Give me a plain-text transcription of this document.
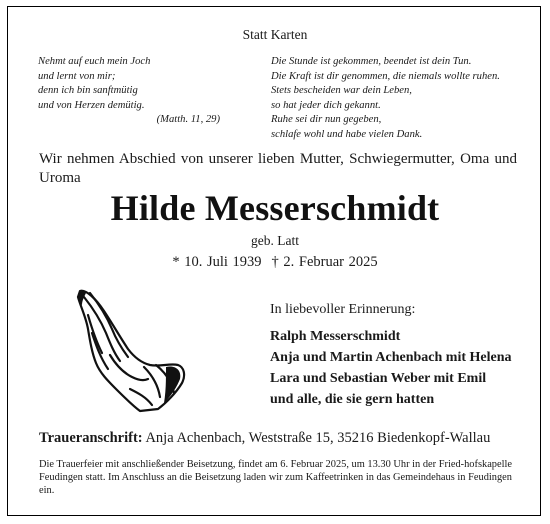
Statt Karten
Nehmt auf euch mein Joch
und lernt von mir;
denn ich bin sanftmütig
und von Herzen demütig.
(Matth. 11, 29)
Die Stunde ist gekommen, beendet ist dein Tun.
Die Kraft ist dir genommen, die niemals wollte ruhen.
Stets bescheiden war dein Leben,
so hat jeder dich gekannt.
Ruhe sei dir nun gegeben,
schlafe wohl und habe vielen Dank.
Wir nehmen Abschied von unserer lieben Mutter, Schwiegermutter, Oma und Uroma
Hilde Messerschmidt
geb. Latt
* 10. Juli 1939 † 2. Februar 2025
In liebevoller Erinnerung:
Ralph Messerschmidt
Anja und Martin Achenbach mit Helena
Lara und Sebastian Weber mit Emil
und alle, die sie gern hatten
Traueranschrift: Anja Achenbach, Weststraße 15, 35216 Biedenkopf-Wallau
Die Trauerfeier mit anschließender Beisetzung, findet am 6. Februar 2025, um 13.30 Uhr in der Fried-hofskapelle Feudingen statt. Im Anschluss an die Beisetzung laden wir zum Kaffeetrinken in das Gemeindehaus in Feudingen ein.
